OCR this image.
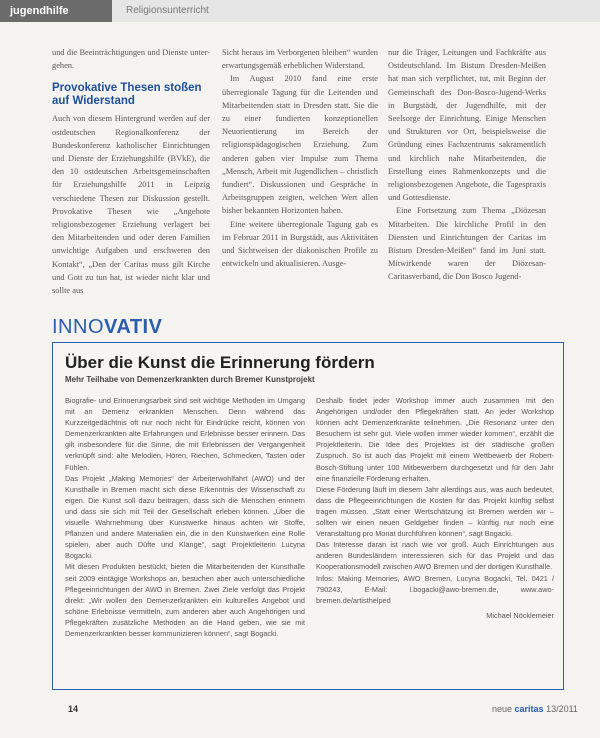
jugendhilfe	Religionsunterricht

und die Beeinträchtigungen und Dienste unter- gehen.

Provokative Thesen stoßen auf Widerstand

Auch von diesem Hintergrund werden auf der ostdeutschen Regionalkonferenz der Bundeskonferenz katholischer Einrichtungen und Dienste der Erziehungshilfe (BVkE), die den 10 ostdeutschen Arbeitsgemeinschaften für Erziehungshilfe 2011 in Leipzig verschiedene Thesen zur Diskussion gestellt. Provokative Thesen wie „Angebote religionsbezogener Erziehung verlagert bei den Mitarbeitenden und oder deren Familien unwichtige Aufgaben und erschweren den Kontakt“, „Den der Caritas muss gilt Kirche und Gott zu tun hat, ist wieder nicht klar und sollte aus

Sicht heraus im Verborgenen bleiben“ wurden erwartungsgemäß erheblichen Widerstand.

Im August 2010 fand eine erste überregionale Tagung für die Leitenden und Mitarbeitenden statt in Dresden statt. Sie die zu einer fundierten konzeptionellen Neuorientierung im Bereich der religionspädagogischen Erziehung. Zum anderen gaben vier Impulse zum Thema „Mensch, Arbeit mit Jugendlichen – christlich fundiert“. Diskussionen und Gespräche in Arbeitsgruppen zeigten, welchen Wert allen bisher bekannten Horizonten haben.

Eine weitere überregionale Tagung gab es im Februar 2011 in Burgstädt, aus Aktivitäten und Sichtweisen der diakonischen Profile zu entwickeln und aktualisieren. Ausge-

nur die Träger, Leitungen und Fachkräfte aus Ostdeutschland. Im Bistum Dresden-Meißen hat man sich verpflichtet, tut, mit Beginn der Gemeinschaft des Don-Bosco-Jugend-Werks in Burgstädt, der Jugendhilfe, mit der Seelsorge der Einrichtung. Einige Menschen und Strukturen vor Ort, beispielsweise die Gründung eines Fachzentrums sakramentlich und kirchlich nahe Mitarbeitenden, die Erstellung eines Rahmenkonzepts und die religionsbezogenen Angebote, die Tagespraxis und Gottesdienste.

Eine Fortsetzung zum Thema „Diözesan Mitarbeiten. Die kirchliche Profil in den Diensten und Einrichtungen der Caritas im Bistum Dresden-Meißen“ fand im Juni statt. Mitwirkende waren der Diözesan-Caritasverband, die Don Bosco Jugend-

INNOVATIV
Über die Kunst die Erinnerung fördern
Mehr Teilhabe von Demenzerkrankten durch Bremer Kunstprojekt

Biografie- und Erinnerungsarbeit sind seit wichtige Methoden im Umgang mit an Demenz erkrankten Menschen. Denn während das Kurzzeitgedächtnis oft nur noch nicht für Eindrücke reicht, können von Demenzerkrankten alte Erfahrungen und Erlebnisse besser erinnern. Das gilt insbesondere für die Sinne, die mit Erlebnissen der Vergangenheit verknüpft sind: alte Melodien, Hören, Riechen, Schmecken, Tasten oder Fühlen.

Das Projekt „Making Memories“ der Arbeiterwohlfahrt (AWO) und der Kunsthalle in Bremen macht sich diese Erkenntnis der Wissenschaft zu eigen. Die Kunst soll dazu beitragen, dass sich die Menschen erinnern und dass sie sich mit Teil der Gesellschaft erleben können. „Über die visuelle Wahrnehmung über Kunstwerke hinaus achten wir Stoffe, Pflanzen und andere Materialien ein, die in den Kunstwerken eine Rolle spielen, aber auch Düfte und Klänge“, sagt Projektleiterin Lucyna Bogacki.

Mit diesen Produkten bestückt, bieten die Mitarbeitenden der Kunsthalle seit 2009 eintägige Workshops an, besuchen aber auch unterschiedliche Pflegeeinrichtungen der AWO in Bremen. Zwei Ziele verfolgt das Projekt direkt: „Wir wollen den Demenzerkrankten ein kulturelles Angebot und schöne Erlebnisse vermitteln, zum anderen aber auch Angehörigen und Pflegekräften zusätzliche Methoden an die Hand geben, wie sie mit Demenzerkrankten besser kommunizieren können“, sagt Bogacki.

Deshalb findet jeder Workshop immer auch zusammen mit den Angehörigen und/oder den Pflegekräften statt. An jeder Workshop können acht Demenzerkrankte teilnehmen. „Die Resonanz unter den Besuchern ist sehr gut. Viele wollen immer wieder kommen“, erzählt die Projektleiterin. Die Idee des Projektes ist der städtische großen Zuspruch. So ist auch das Projekt mit einem Wettbewerb der Robert-Bosch-Stiftung unter 100 Mitbewerbern durchgesetzt und für den Jahr eine finanzielle Förderung erhalten.

Diese Förderung läuft im diesem Jahr allerdings aus, was auch bedeutet, dass die Pflegeeinrichtungen die Kosten für das Projekt künftig selbst tragen müssen. „Statt einer Wertschätzung ist Bremen werden wir – sollten wir einen neuen Geldgeber finden – künftig nur noch eine Veranstaltung pro Monat durchführen können“, sagt Bogacki.

Das Interesse daran ist nach wie vor groß. Auch Einrichtungen aus anderen Bundesländern interessieren sich für das Projekt und das Kooperationsmodell zwischen AWO Bremen und der dortigen Kunsthalle.

Infos: Making Memories, AWO Bremen, Lucyna Bogacki, Tel. 0421 / 790243, E-Mail: l.bogacki@awo-bremen.de, www.awo-bremen.de/artisthelped

Michael Nöcklemeier

14	neue caritas 13/2011
